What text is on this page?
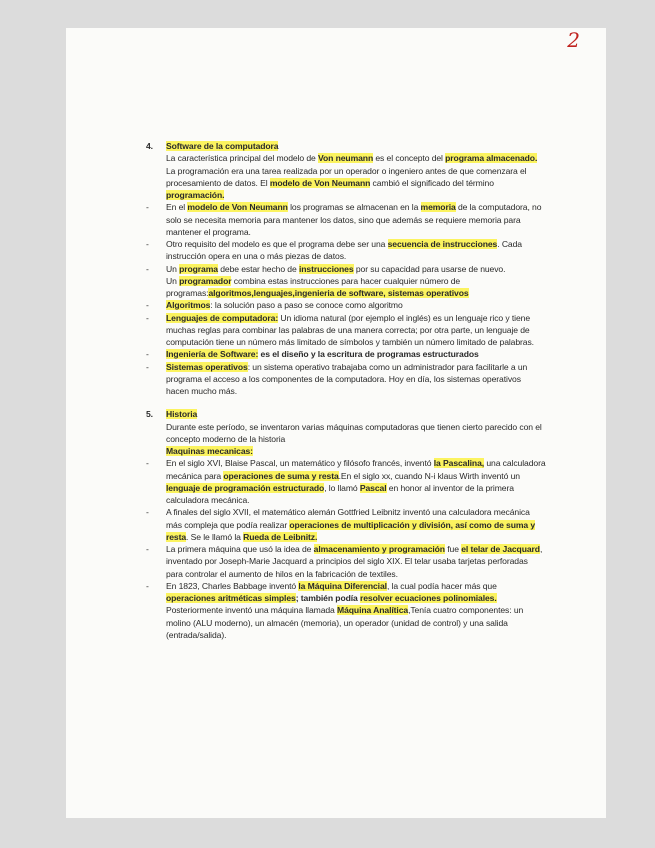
2
4. Software de la computadora

La característica principal del modelo de Von neumann es el concepto del programa almacenado. La programación era una tarea realizada por un operador o ingeniero antes de que comenzara el procesamiento de datos. El modelo de Von Neumann cambió el significado del término programación.

- En el modelo de Von Neumann los programas se almacenan en la memoria de la computadora, no solo se necesita memoria para mantener los datos, sino que además se requiere memoria para mantener el programa.
- Otro requisito del modelo es que el programa debe ser una secuencia de instrucciones. Cada instrucción opera en una o más piezas de datos.
- Un programa debe estar hecho de instrucciones por su capacidad para usarse de nuevo.

Un programador combina estas instrucciones para hacer cualquier número de programas:algoritmos,lenguajes,ingenieria de software, sistemas operativos

- Algoritmos: la solución paso a paso se conoce como algoritmo
- Lenguajes de computadora: Un idioma natural (por ejemplo el inglés) es un lenguaje rico y tiene muchas reglas para combinar las palabras de una manera correcta; por otra parte, un lenguaje de computación tiene un número más limitado de símbolos y también un número limitado de palabras.
- Ingeniería de Software: es el diseño y la escritura de programas estructurados
- Sistemas operativos: un sistema operativo trabajaba como un administrador para facilitarle a un programa el acceso a los componentes de la computadora. Hoy en día, los sistemas operativos hacen mucho más.
5. Historia

Durante este período, se inventaron varias máquinas computadoras que tienen cierto parecido con el concepto moderno de la historia

Maquinas mecanicas:
- En el siglo XVI, Blaise Pascal, un matemático y filósofo francés, inventó la Pascalina, una calculadora mecánica para operaciones de suma y resta.En el siglo xx, cuando N-i klaus Wirth inventó un lenguaje de programación estructurado, lo llamó Pascal en honor al inventor de la primera calculadora mecánica.
- A finales del siglo XVII, el matemático alemán Gottfried Leibnitz inventó una calculadora mecánica más compleja que podía realizar operaciones de multiplicación y división, así como de suma y resta. Se le llamó la Rueda de Leibnitz.
- La primera máquina que usó la idea de almacenamiento y programación fue el telar de Jacquard, inventado por Joseph-Marie Jacquard a principios del siglo XIX. El telar usaba tarjetas perforadas para controlar el aumento de hilos en la fabricación de textiles.
- En 1823, Charles Babbage inventó la Máquina Diferencial, la cual podía hacer más que operaciones aritméticas simples; también podía resolver ecuaciones polinomiales. Posteriormente inventó una máquina llamada Máquina Analítica,Tenía cuatro componentes: un molino (ALU moderno), un almacén (memoria), un operador (unidad de control) y una salida (entrada/salida).
